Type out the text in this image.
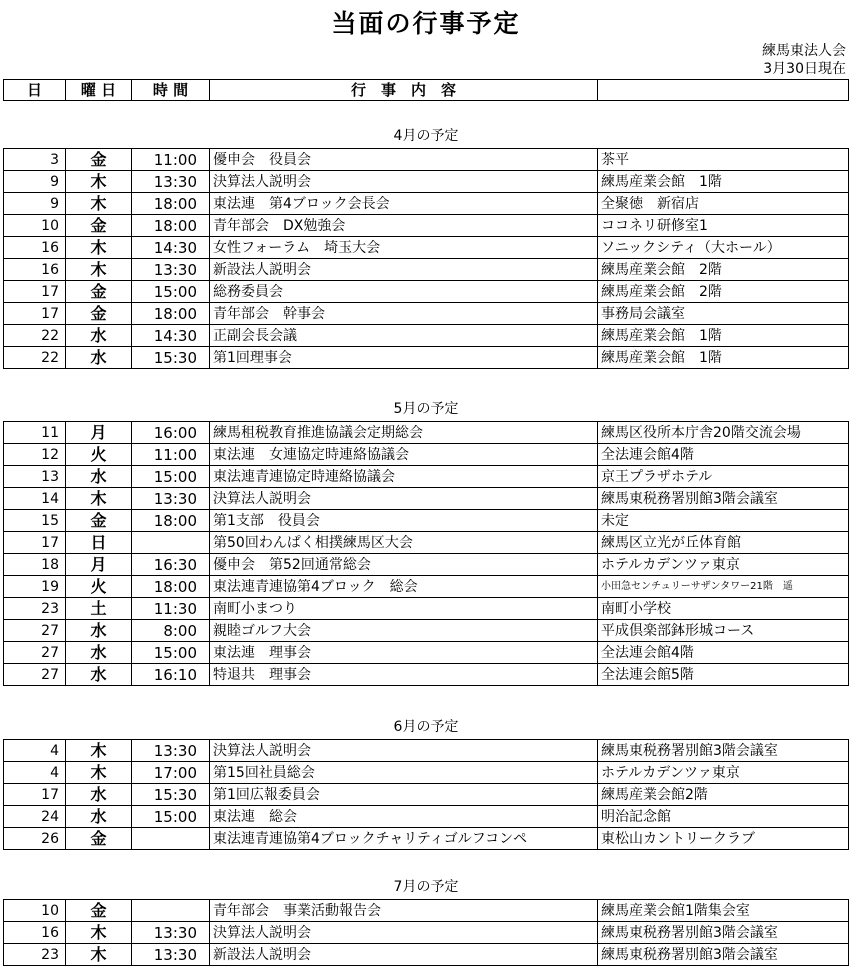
当面の行事予定
練馬東法人会
3月30日現在
日	曜 日	時 間	行　事　内　容	
4月の予定
3	金	11:00	優申会　役員会	茶平
9	木	13:30	決算法人説明会	練馬産業会館　1階
9	木	18:00	東法連　第4ブロック会長会	全聚徳　新宿店
10	金	18:00	青年部会　DX勉強会	ココネリ研修室1
16	木	14:30	女性フォーラム　埼玉大会	ソニックシティ（大ホール）
16	木	13:30	新設法人説明会	練馬産業会館　2階
17	金	15:00	総務委員会	練馬産業会館　2階
17	金	18:00	青年部会　幹事会	事務局会議室
22	水	14:30	正副会長会議	練馬産業会館　1階
22	水	15:30	第1回理事会	練馬産業会館　1階
5月の予定
11	月	16:00	練馬租税教育推進協議会定期総会	練馬区役所本庁舎20階交流会場
12	火	11:00	東法連　女連協定時連絡協議会	全法連会館4階
13	水	15:00	東法連青連協定時連絡協議会	京王プラザホテル
14	木	13:30	決算法人説明会	練馬東税務署別館3階会議室
15	金	18:00	第1支部　役員会	未定
17	日		第50回わんぱく相撲練馬区大会	練馬区立光が丘体育館
18	月	16:30	優申会　第52回通常総会	ホテルカデンツァ東京
19	火	18:00	東法連青連協第4ブロック　総会	小田急センチュリーサザンタワー21階　遥
23	土	11:30	南町小まつり	南町小学校
27	水	8:00	親睦ゴルフ大会	平成倶楽部鉢形城コース
27	水	15:00	東法連　理事会	全法連会館4階
27	水	16:10	特退共　理事会	全法連会館5階
6月の予定
4	木	13:30	決算法人説明会	練馬東税務署別館3階会議室
4	木	17:00	第15回社員総会	ホテルカデンツァ東京
17	水	15:30	第1回広報委員会	練馬産業会館2階
24	水	15:00	東法連　総会	明治記念館
26	金		東法連青連協第4ブロックチャリティゴルフコンペ	東松山カントリークラブ
7月の予定
10	金		青年部会　事業活動報告会	練馬産業会館1階集会室
16	木	13:30	決算法人説明会	練馬東税務署別館3階会議室
23	木	13:30	新設法人説明会	練馬東税務署別館3階会議室
